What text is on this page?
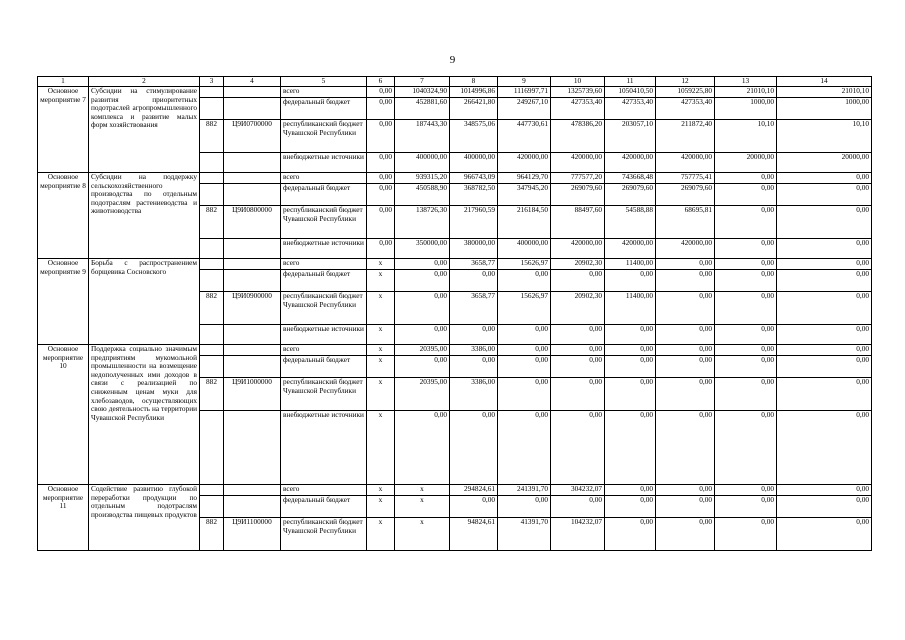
9
1	2	3	4	5	6	7	8	9	10	11	12	13	14
Основное мероприятие 7	Субсидии на стимулирование развития приоритетных подотраслей агропромышленного комплекса и развитие малых форм хозяйствования			всего	0,00	1040324,90	1014996,86	1116997,71	1325739,60	1050410,50	1059225,80	21010,10	21010,10
				федеральный бюджет	0,00	452881,60	266421,80	249267,10	427353,40	427353,40	427353,40	1000,00	1000,00
		882	Ц9И0700000	республиканский бюджет Чувашской Республики	0,00	187443,30	348575,06	447730,61	478386,20	203057,10	211872,40	10,10	10,10
				внебюджетные источники	0,00	400000,00	400000,00	420000,00	420000,00	420000,00	420000,00	20000,00	20000,00
Основное мероприятие 8	Субсидии на поддержку сельскохозяйственного производства по отдельным подотраслям растениеводства и животноводства			всего	0,00	939315,20	966743,09	964129,70	777577,20	743668,48	757775,41	0,00	0,00
				федеральный бюджет	0,00	450588,90	368782,50	347945,20	269079,60	269079,60	269079,60	0,00	0,00
		882	Ц9И0800000	республиканский бюджет Чувашской Республики	0,00	138726,30	217960,59	216184,50	88497,60	54588,88	68695,81	0,00	0,00
				внебюджетные источники	0,00	350000,00	380000,00	400000,00	420000,00	420000,00	420000,00	0,00	0,00
Основное мероприятие 9	Борьба с распространением борщевика Сосновского			всего	x	0,00	3658,77	15626,97	20902,30	11400,00	0,00	0,00	0,00
				федеральный бюджет	x	0,00	0,00	0,00	0,00	0,00	0,00	0,00	0,00
		882	Ц9И0900000	республиканский бюджет Чувашской Республики	x	0,00	3658,77	15626,97	20902,30	11400,00	0,00	0,00	0,00
				внебюджетные источники	x	0,00	0,00	0,00	0,00	0,00	0,00	0,00	0,00
Основное мероприятие 10	Поддержка социально значимым предприятиям мукомольной промышленности на возмещение недополученных ими доходов в связи с реализацией по сниженным ценам муки для хлебозаводов, осуществляющих свою деятельность на территории Чувашской Республики			всего	x	20395,00	3386,00	0,00	0,00	0,00	0,00	0,00	0,00
				федеральный бюджет	x	0,00	0,00	0,00	0,00	0,00	0,00	0,00	0,00
		882	Ц9И1000000	республиканский бюджет Чувашской Республики	x	20395,00	3386,00	0,00	0,00	0,00	0,00	0,00	0,00
				внебюджетные источники	x	0,00	0,00	0,00	0,00	0,00	0,00	0,00	0,00
Основное мероприятие 11	Содействие развитию глубокой переработки продукции по отдельным подотраслям производства пищевых продуктов			всего	x	x	294824,61	241391,70	304232,07	0,00	0,00	0,00	0,00
				федеральный бюджет	x	x	0,00	0,00	0,00	0,00	0,00	0,00	0,00
		882	Ц9И1100000	республиканский бюджет Чувашской Республики	x	x	94824,61	41391,70	104232,07	0,00	0,00	0,00	0,00
